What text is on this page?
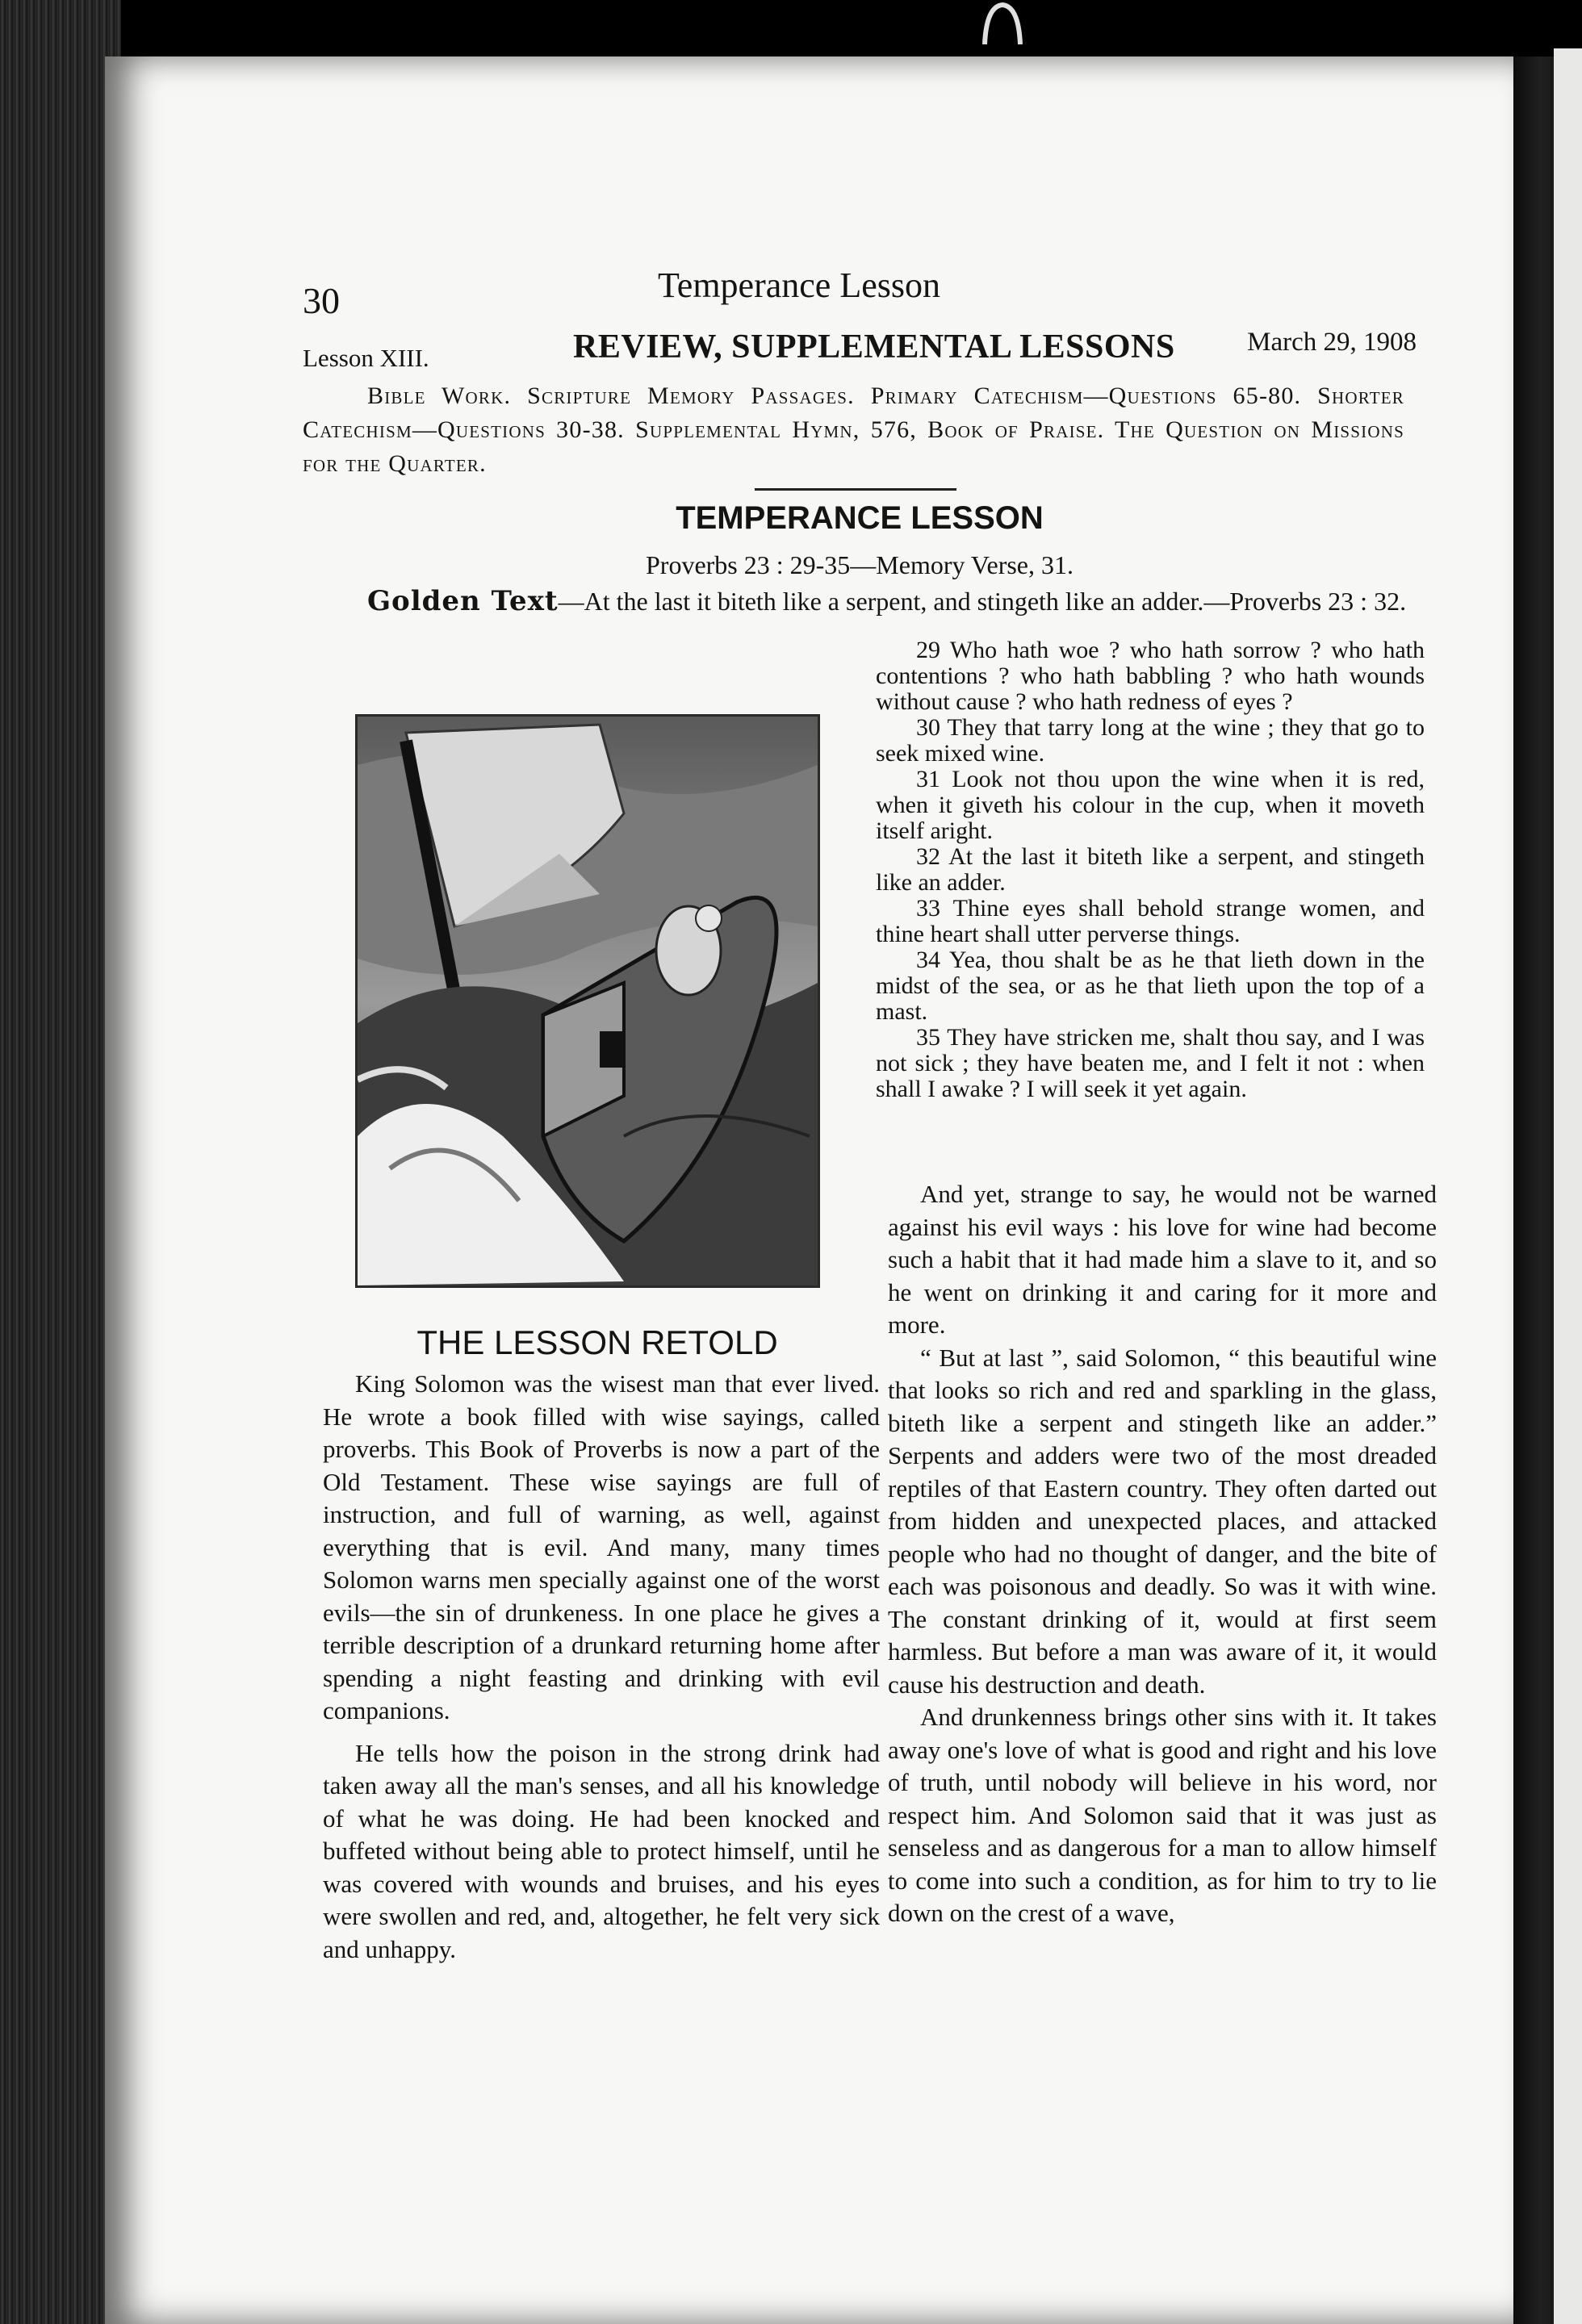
30	Temperance Lesson
Lesson XIII.	REVIEW, SUPPLEMENTAL LESSONS	March 29, 1908
Bible Work. Scripture Memory Passages. Primary Catechism—Questions 65-80. Shorter Catechism—Questions 30-38. Supplemental Hymn, 576, Book of Praise. The Question on Missions for the Quarter.
TEMPERANCE LESSON
Proverbs 23 : 29-35—Memory Verse, 31.
Golden Text—At the last it biteth like a serpent, and stingeth like an adder.—Proverbs 23 : 32.
THE LESSON RETOLD

King Solomon was the wisest man that ever lived. He wrote a book filled with wise sayings, called proverbs. This Book of Proverbs is now a part of the Old Testament. These wise sayings are full of instruction, and full of warning, as well, against everything that is evil. And many, many times Solomon warns men specially against one of the worst evils—the sin of drunkeness. In one place he gives a terrible description of a drunkard returning home after spending a night feasting and drinking with evil companions.

He tells how the poison in the strong drink had taken away all the man's senses, and all his knowledge of what he was doing. He had been knocked and buffeted without being able to protect himself, until he was covered with wounds and bruises, and his eyes were swollen and red, and, altogether, he felt very sick and unhappy.

29 Who hath woe ? who hath sorrow ? who hath contentions ? who hath babbling ? who hath wounds without cause ? who hath redness of eyes ?

30 They that tarry long at the wine ; they that go to seek mixed wine.

31 Look not thou upon the wine when it is red, when it giveth his colour in the cup, when it moveth itself aright.

32 At the last it biteth like a serpent, and stingeth like an adder.

33 Thine eyes shall behold strange women, and thine heart shall utter perverse things.

34 Yea, thou shalt be as he that lieth down in the midst of the sea, or as he that lieth upon the top of a mast.

35 They have stricken me, shalt thou say, and I was not sick ; they have beaten me, and I felt it not : when shall I awake ? I will seek it yet again.

And yet, strange to say, he would not be warned against his evil ways : his love for wine had become such a habit that it had made him a slave to it, and so he went on drinking it and caring for it more and more.

“ But at last ”, said Solomon, “ this beautiful wine that looks so rich and red and sparkling in the glass, biteth like a serpent and stingeth like an adder.” Serpents and adders were two of the most dreaded reptiles of that Eastern country. They often darted out from hidden and unexpected places, and attacked people who had no thought of danger, and the bite of each was poisonous and deadly. So was it with wine. The constant drinking of it, would at first seem harmless. But before a man was aware of it, it would cause his destruction and death.

And drunkenness brings other sins with it. It takes away one's love of what is good and right and his love of truth, until nobody will believe in his word, nor respect him. And Solomon said that it was just as senseless and as dangerous for a man to allow himself to come into such a condition, as for him to try to lie down on the crest of a wave,
